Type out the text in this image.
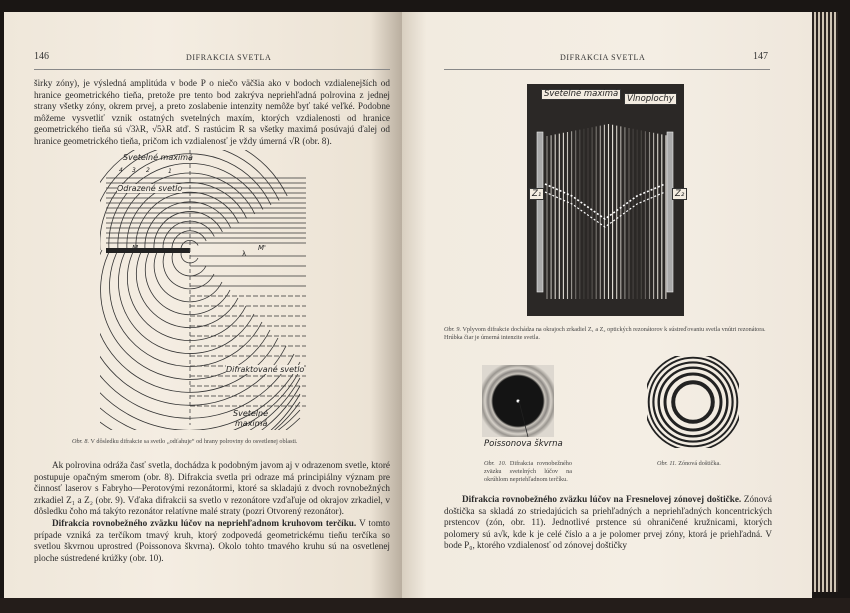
146	DIFRAKCIA SVETLA
širky zóny), je výsledná amplitúda v bode P o niečo väčšia ako v bodoch vzdialenejších od hranice geometrického tieňa, pretože pre tento bod zakrýva nepriehľadná polrovina z jednej strany všetky zóny, okrem prvej, a preto zoslabenie intenzity nemôže byť také veľké. Podobne môžeme vysvetliť vznik ostatných svetelných maxím, ktorých vzdialenosti od hranice geometrického tieňa sú √3λR, √5λR atď. S rastúcim R sa všetky maximá posúvajú ďalej od hranice geometrického tieňa, pričom ich vzdialenosť je vždy úmerná √R (obr. 8).
Svetelné maximá
Odrazené svetlo
M	M'
λ
Difraktované svetlo
Svetelné
maximá
4 3 2	1
Obr. 8. V dôsledku difrakcie sa svetlo „odťahuje“ od hrany polroviny do osvetlenej oblasti.

Ak polrovina odráža časť svetla, dochádza k podobným javom aj v odrazenom svetle, ktoré postupuje opačným smerom (obr. 8). Difrakcia svetla pri odraze má principiálny význam pre činnosť laserov s Fabryho—Perotovými rezonátormi, ktoré sa skladajú z dvoch rovnobežných zrkadiel Z₁ a Z₂ (obr. 9). Vďaka difrakcii sa svetlo v rezonátore vzďaľuje od okrajov zrkadiel, v dôsledku čoho má takýto rezonátor relatívne malé straty (pozri Otvorený rezonátor).

Difrakcia rovnobežného zväzku lúčov na nepriehľadnom kruhovom terčíku. V tomto prípade vzniká za terčíkom tmavý kruh, ktorý zodpovedá geometrickému tieňu terčíka so svetlou škvrnou uprostred (Poissonova škvrna). Okolo tohto tmavého kruhu sú na osvetlenej ploche sústredené krúžky (obr. 10).

DIFRAKCIA SVETLA	147
Svetelné maximá	Vlnoplochy
Z₁	Z₂
Obr. 9. Vplyvom difrakcie dochádza na okrajoch zrkadiel Z₁ a Z₂ optických rezonátorov k sústreďovaniu svetla vnútri rezonátora. Hrúbka čiar je úmerná intenzite svetla.
Poissonova škvrna
Obr. 10. Difrakcia rovnobežného zväzku svetelných lúčov na okrúhlom nepriehľadnom terčíku.
Obr. 11. Zónová doštička.

Difrakcia rovnobežného zväzku lúčov na Fresnelovej zónovej doštičke. Zónová doštička sa skladá zo striedajúcich sa priehľadných a nepriehľadných koncentrických prstencov (zón, obr. 11). Jednotlivé prstence sú ohraničené kružnicami, ktorých polomery sú a√k, kde k je celé číslo a a je polomer prvej zóny, ktorá je priehľadná. V bode P₀, ktorého vzdialenosť od zónovej doštičky
